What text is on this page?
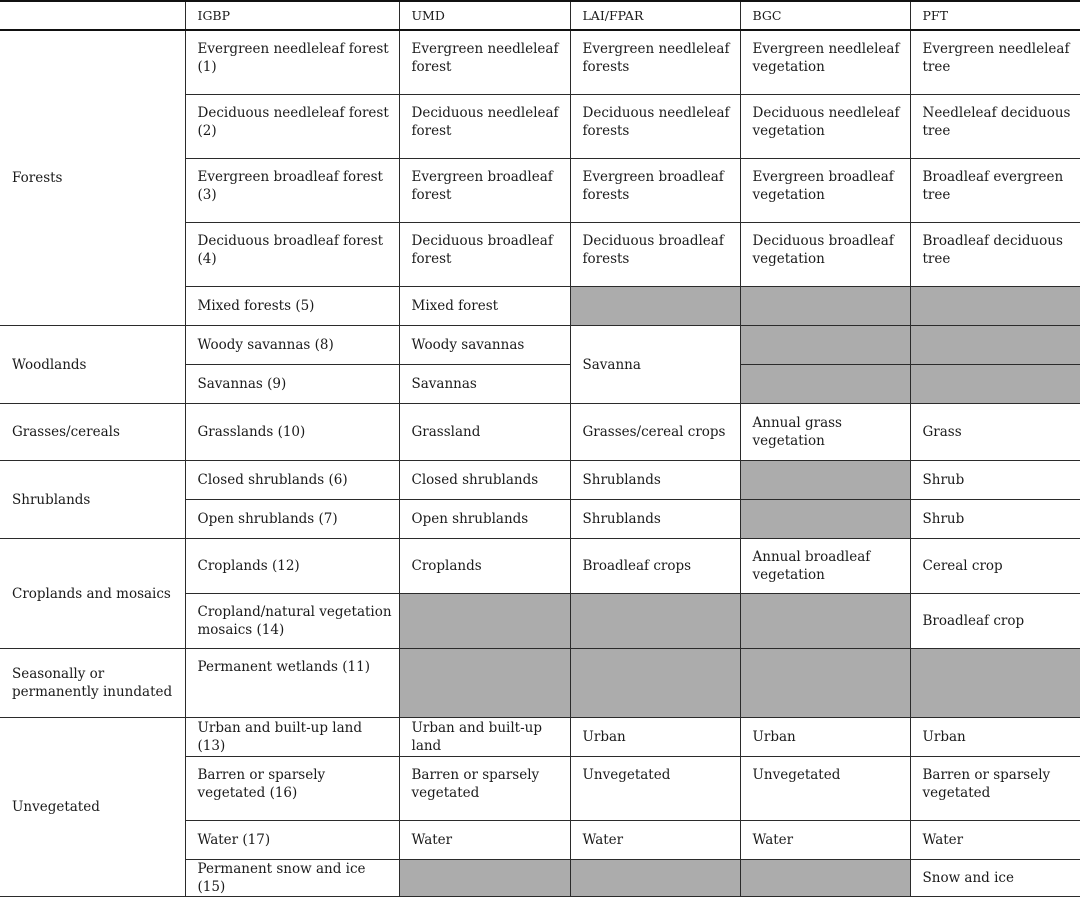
	IGBP	UMD	LAI/FPAR	BGC	PFT
Forests	Evergreen needleleaf forest (1)	Evergreen needleleaf forest	Evergreen needleleaf forests	Evergreen needleleaf vegetation	Evergreen needleleaf tree
	Deciduous needleleaf forest (2)	Deciduous needleleaf forest	Deciduous needleleaf forests	Deciduous needleleaf vegetation	Needleleaf deciduous tree
	Evergreen broadleaf forest (3)	Evergreen broadleaf forest	Evergreen broadleaf forests	Evergreen broadleaf vegetation	Broadleaf evergreen tree
	Deciduous broadleaf forest (4)	Deciduous broadleaf forest	Deciduous broadleaf forests	Deciduous broadleaf vegetation	Broadleaf deciduous tree
	Mixed forests (5)	Mixed forest			
Woodlands	Woody savannas (8)	Woody savannas	Savanna		
	Savannas (9)	Savannas			
Grasses/cereals	Grasslands (10)	Grassland	Grasses/cereal crops	Annual grass vegetation	Grass
Shrublands	Closed shrublands (6)	Closed shrublands	Shrublands		Shrub
	Open shrublands (7)	Open shrublands	Shrublands		Shrub
Croplands and mosaics	Croplands (12)	Croplands	Broadleaf crops	Annual broadleaf vegetation	Cereal crop
	Cropland/natural vegetation mosaics (14)				Broadleaf crop
Seasonally or permanently inundated	Permanent wetlands (11)				
Unvegetated	Urban and built-up land (13)	Urban and built-up land	Urban	Urban	Urban
	Barren or sparsely vegetated (16)	Barren or sparsely vegetated	Unvegetated	Unvegetated	Barren or sparsely vegetated
	Water (17)	Water	Water	Water	Water
	Permanent snow and ice (15)				Snow and ice
